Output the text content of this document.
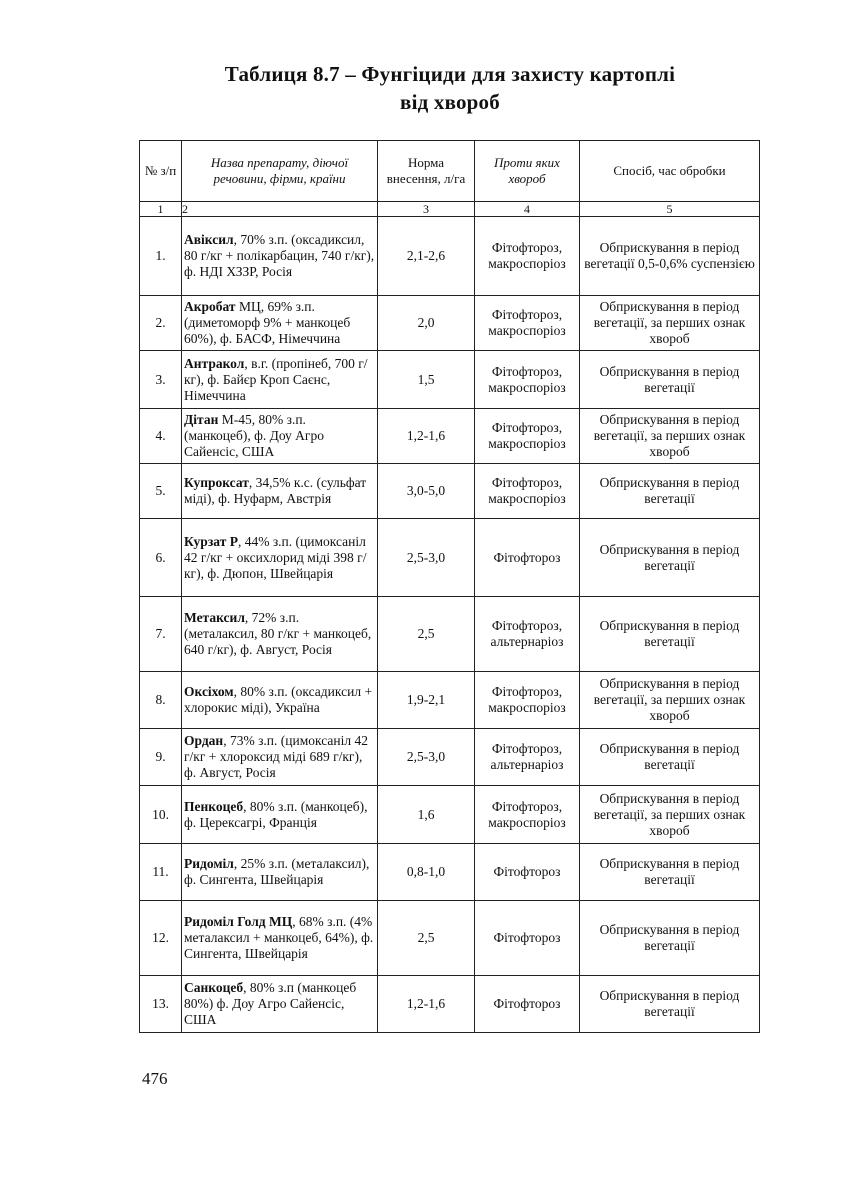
Таблиця 8.7 – Фунгіциди для захисту картоплі
від хвороб
№ з/п	Назва препарату, діючої речовини, фірми, країни	Норма внесення, л/га	Проти яких хвороб	Спосіб, час обробки
1	2	3	4	5
1.	Авіксил, 70% з.п. (оксадиксил, 80 г/кг + полікарбацин, 740 г/кг), ф. НДІ ХЗЗР, Росія	2,1-2,6	Фітофтороз, макроспоріоз	Обприскування в період вегетації 0,5-0,6% суспензією
2.	Акробат МЦ, 69% з.п. (диметоморф 9% + манкоцеб 60%), ф. БАСФ, Німеччина	2,0	Фітофтороз, макроспоріоз	Обприскування в період вегетації, за перших ознак хвороб
3.	Антракол, в.г. (пропінеб, 700 г/кг), ф. Байєр Кроп Саєнс, Німеччина	1,5	Фітофтороз, макроспоріоз	Обприскування в період вегетації
4.	Дітан М-45, 80% з.п. (манкоцеб), ф. Доу Агро Сайенсіс, США	1,2-1,6	Фітофтороз, макроспоріоз	Обприскування в період вегетації, за перших ознак хвороб
5.	Купроксат, 34,5% к.с. (сульфат міді), ф. Нуфарм, Австрія	3,0-5,0	Фітофтороз, макроспоріоз	Обприскування в період вегетації
6.	Курзат Р, 44% з.п. (цимоксаніл 42 г/кг + оксихлорид міді 398 г/кг), ф. Дюпон, Швейцарія	2,5-3,0	Фітофтороз	Обприскування в період вегетації
7.	Метаксил, 72% з.п. (металаксил, 80 г/кг + манкоцеб, 640 г/кг), ф. Август, Росія	2,5	Фітофтороз, альтернаріоз	Обприскування в період вегетації
8.	Оксіхом, 80% з.п. (оксадиксил + хлорокис міді), Україна	1,9-2,1	Фітофтороз, макроспоріоз	Обприскування в період вегетації, за перших ознак хвороб
9.	Ордан, 73% з.п. (цимоксаніл 42 г/кг + хлороксид міді 689 г/кг), ф. Август, Росія	2,5-3,0	Фітофтороз, альтернаріоз	Обприскування в період вегетації
10.	Пенкоцеб, 80% з.п. (манкоцеб), ф. Церексагрі, Франція	1,6	Фітофтороз, макроспоріоз	Обприскування в період вегетації, за перших ознак хвороб
11.	Ридоміл, 25% з.п. (металаксил), ф. Сингента, Швейцарія	0,8-1,0	Фітофтороз	Обприскування в період вегетації
12.	Ридоміл Голд МЦ, 68% з.п. (4% металаксил + манкоцеб, 64%), ф. Сингента, Швейцарія	2,5	Фітофтороз	Обприскування в період вегетації
13.	Санкоцеб, 80% з.п (манкоцеб 80%) ф. Доу Агро Сайенсіс, США	1,2-1,6	Фітофтороз	Обприскування в період вегетації
476
